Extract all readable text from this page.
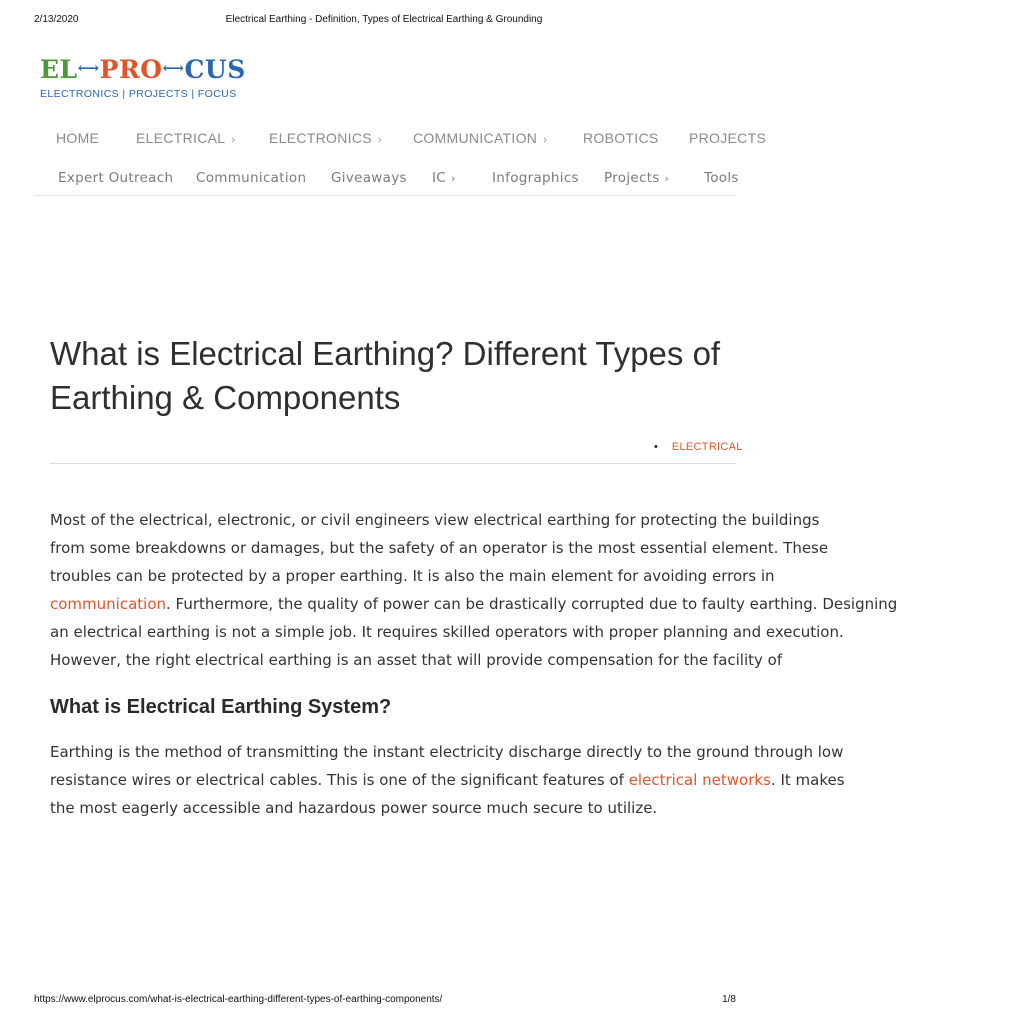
2/13/2020	Electrical Earthing - Definition, Types of Electrical Earthing & Grounding
EL⟷PRO⟷CUS
ELECTRONICS | PROJECTS | FOCUS
HOME	ELECTRICAL › ELECTRONICS › COMMUNICATION ›	ROBOTICS PROJECTS
Expert Outreach Communication Giveaways IC ›	Infographics Projects ›	Tools
What is Electrical Earthing? Different Types of
Earthing & Components
• ELECTRICAL
Most of the electrical, electronic, or civil engineers view electrical earthing for protecting the buildings
from some breakdowns or damages, but the safety of an operator is the most essential element. These
troubles can be protected by a proper earthing. It is also the main element for avoiding errors in
communication. Furthermore, the quality of power can be drastically corrupted due to faulty earthing. Designing
an electrical earthing is not a simple job. It requires skilled operators with proper planning and execution.
However, the right electrical earthing is an asset that will provide compensation for the facility of
What is Electrical Earthing System?
Earthing is the method of transmitting the instant electricity discharge directly to the ground through low
resistance wires or electrical cables. This is one of the significant features of electrical networks. It makes
the most eagerly accessible and hazardous power source much secure to utilize.
https://www.elprocus.com/what-is-electrical-earthing-different-types-of-earthing-components/	1/8
